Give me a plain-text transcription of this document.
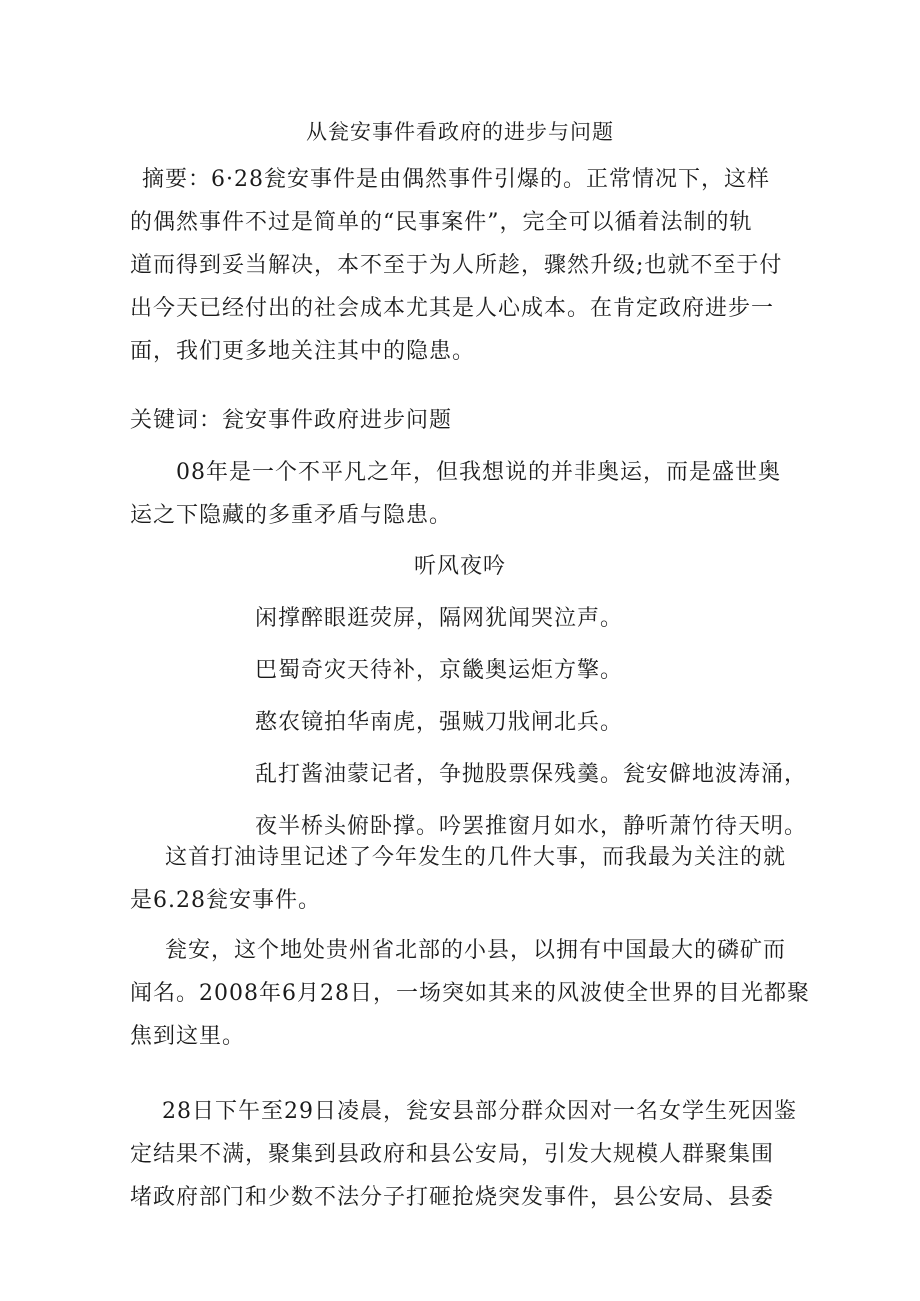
从瓮安事件看政府的进步与问题
摘要：6·28瓮安事件是由偶然事件引爆的。正常情况下，这样
的偶然事件不过是简单的“民事案件”，完全可以循着法制的轨
道而得到妥当解决，本不至于为人所趁，骤然升级;也就不至于付
出今天已经付出的社会成本尤其是人心成本。在肯定政府进步一
面，我们更多地关注其中的隐患。
关键词：瓮安事件政府进步问题
08年是一个不平凡之年，但我想说的并非奥运，而是盛世奥
运之下隐藏的多重矛盾与隐患。
听风夜吟
闲撑醉眼逛荧屏，隔网犹闻哭泣声。
巴蜀奇灾天待补，京畿奥运炬方擎。
憨农镜拍华南虎，强贼刀戕闸北兵。
乱打酱油蒙记者，争抛股票保残羹。瓮安僻地波涛涌，
夜半桥头俯卧撑。吟罢推窗月如水，静听萧竹待天明。
这首打油诗里记述了今年发生的几件大事，而我最为关注的就
是6.28瓮安事件。
瓮安，这个地处贵州省北部的小县，以拥有中国最大的磷矿而
闻名。2008年6月28日，一场突如其来的风波使全世界的目光都聚
焦到这里。
28日下午至29日凌晨，瓮安县部分群众因对一名女学生死因鉴
定结果不满，聚集到县政府和县公安局，引发大规模人群聚集围
堵政府部门和少数不法分子打砸抢烧突发事件，县公安局、县委
